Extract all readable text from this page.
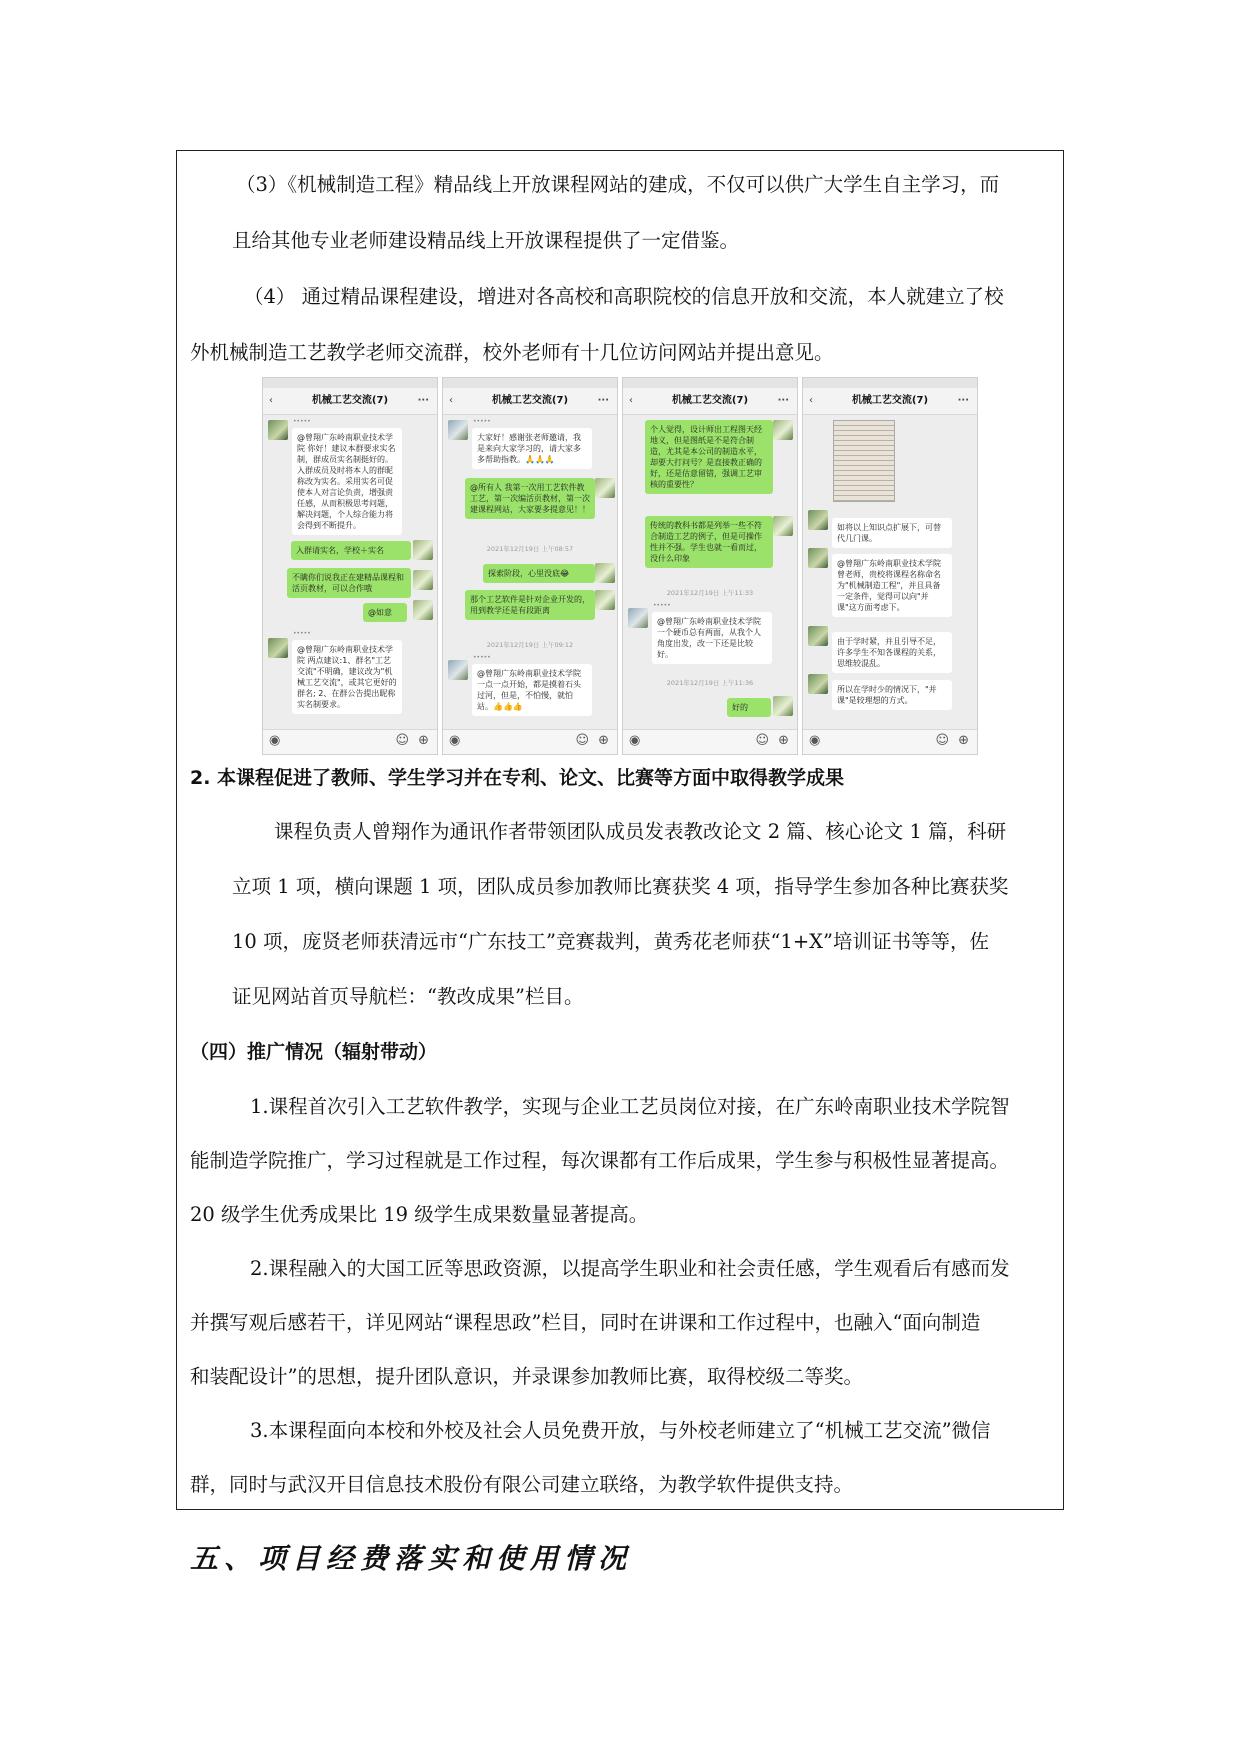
（3）《机械制造工程》精品线上开放课程网站的建成，不仅可以供广大学生自主学习，而
且给其他专业老师建设精品线上开放课程提供了一定借鉴。
（4） 通过精品课程建设，增进对各高校和高职院校的信息开放和交流，本人就建立了校
外机械制造工艺教学老师交流群，校外老师有十几位访问网站并提出意见。
‹	机械工艺交流(7)	···
•••••
@曾翔广东岭南职业技术学院 你好！建议本群要求实名制，群成员实名制挺好的。入群成员及时将本人的群昵称改为实名。采用实名可促使本人对言论负责，增强责任感，从而积极思考问题，解决问题，个人综合能力将会得到不断提升。
入群请实名，学校＋实名
不瞒你们说我正在建精品课程和活页教材，可以合作哦
@如意
•••••
@曾翔广东岭南职业技术学院 两点建议:1、群名"工艺交流"不明确，建议改为"机械工艺交流"，或其它更好的群名; 2、在群公告提出昵称实名制要求。
◉	☺ ⊕
‹	机械工艺交流(7)	···
•••••
大家好！感谢张老师邀请，我是来向大家学习的，请大家多多帮助指教。🙏🙏🙏
@所有人 我第一次用工艺软件教工艺，第一次编活页教材，第一次建课程网站，大家要多提意见！！
2021年12月19日 上午08:57
探索阶段，心里没底😂
那个工艺软件是针对企业开发的，用到教学还是有段距离
2021年12月19日 上午09:12
•••••
@曾翔广东岭南职业技术学院 一点一点开始，都是摸着石头过河，但是，不怕慢，就怕站。👍👍👍
◉	☺ ⊕
‹	机械工艺交流(7)	···
个人觉得，设计师出工程图天经地义，但是图纸是不是符合制造，尤其是本公司的制造水平，却要大打问号？是直接教正确的好，还是估意留错，强调工艺审核的重要性？
传统的教科书都是列举一些不符合制造工艺的例子，但是可操作性并不强。学生也就一看而过，没什么印象
2021年12月19日 上午11:33
•••••
@曾翔广东岭南职业技术学院 一个硬币总有两面，从我个人角度出发，改一下还是比较好。
2021年12月19日 上午11:36
好的
◉	☺ ⊕
‹	机械工艺交流(7)	···
如将以上知识点扩展下，可替代几门课。
@曾翔广东岭南职业技术学院 曾老师，贵校将课程名称命名为"机械制造工程"，并且具备一定条件，觉得可以向"并课"这方面考虑下。
由于学时紧，并且引导不足，许多学生不知各课程的关系，思维较混乱。
所以在学时少的情况下，"并课"是较理想的方式。
◉	☺ ⊕
2. 本课程促进了教师、学生学习并在专利、论文、比赛等方面中取得教学成果
课程负责人曾翔作为通讯作者带领团队成员发表教改论文 2 篇、核心论文 1 篇，科研
立项 1 项，横向课题 1 项，团队成员参加教师比赛获奖 4 项，指导学生参加各种比赛获奖
10 项，庞贤老师获清远市“广东技工”竞赛裁判，黄秀花老师获“1+X”培训证书等等，佐
证见网站首页导航栏：“教改成果”栏目。
（四）推广情况（辐射带动）
1.课程首次引入工艺软件教学，实现与企业工艺员岗位对接，在广东岭南职业技术学院智
能制造学院推广，学习过程就是工作过程，每次课都有工作后成果，学生参与积极性显著提高。
20 级学生优秀成果比 19 级学生成果数量显著提高。
2.课程融入的大国工匠等思政资源，以提高学生职业和社会责任感，学生观看后有感而发
并撰写观后感若干，详见网站“课程思政”栏目，同时在讲课和工作过程中，也融入“面向制造
和装配设计”的思想，提升团队意识，并录课参加教师比赛，取得校级二等奖。
3.本课程面向本校和外校及社会人员免费开放，与外校老师建立了“机械工艺交流”微信
群，同时与武汉开目信息技术股份有限公司建立联络，为教学软件提供支持。
五、项目经费落实和使用情况
